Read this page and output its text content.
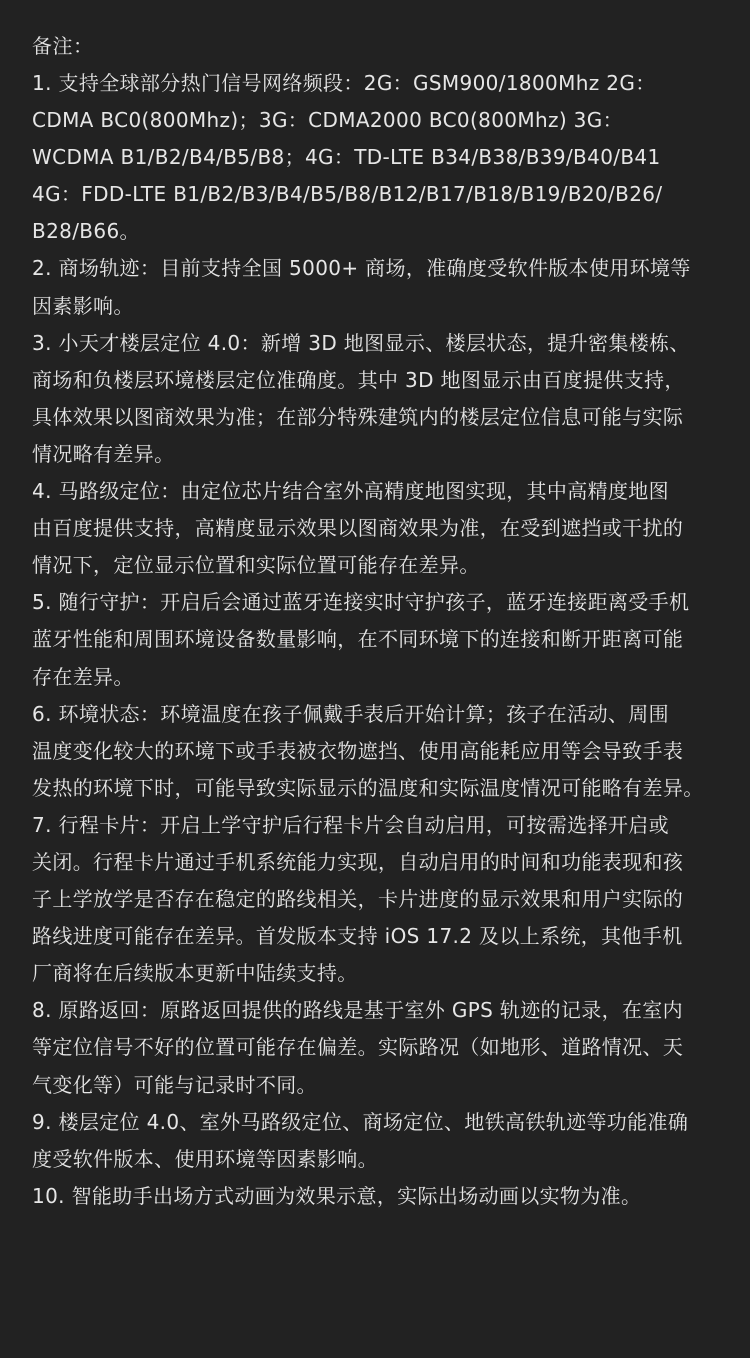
备注：

1. 支持全球部分热门信号网络频段：2G：GSM900/1800Mhz 2G：

CDMA BC0(800Mhz)；3G：CDMA2000 BC0(800Mhz) 3G：

WCDMA B1/B2/B4/B5/B8；4G：TD-LTE B34/B38/B39/B40/B41

4G：FDD-LTE B1/B2/B3/B4/B5/B8/B12/B17/B18/B19/B20/B26/

B28/B66。

2. 商场轨迹：目前支持全国 5000+ 商场，准确度受软件版本使用环境等

因素影响。

3. 小天才楼层定位 4.0：新增 3D 地图显示、楼层状态，提升密集楼栋、

商场和负楼层环境楼层定位准确度。其中 3D 地图显示由百度提供支持，

具体效果以图商效果为准；在部分特殊建筑内的楼层定位信息可能与实际

情况略有差异。

4. 马路级定位：由定位芯片结合室外高精度地图实现，其中高精度地图

由百度提供支持，高精度显示效果以图商效果为准，在受到遮挡或干扰的

情况下，定位显示位置和实际位置可能存在差异。

5. 随行守护：开启后会通过蓝牙连接实时守护孩子，蓝牙连接距离受手机

蓝牙性能和周围环境设备数量影响，在不同环境下的连接和断开距离可能

存在差异。

6. 环境状态：环境温度在孩子佩戴手表后开始计算；孩子在活动、周围

温度变化较大的环境下或手表被衣物遮挡、使用高能耗应用等会导致手表

发热的环境下时，可能导致实际显示的温度和实际温度情况可能略有差异。

7. 行程卡片：开启上学守护后行程卡片会自动启用，可按需选择开启或

关闭。行程卡片通过手机系统能力实现，自动启用的时间和功能表现和孩

子上学放学是否存在稳定的路线相关，卡片进度的显示效果和用户实际的

路线进度可能存在差异。首发版本支持 iOS 17.2 及以上系统，其他手机

厂商将在后续版本更新中陆续支持。

8. 原路返回：原路返回提供的路线是基于室外 GPS 轨迹的记录，在室内

等定位信号不好的位置可能存在偏差。实际路况（如地形、道路情况、天

气变化等）可能与记录时不同。

9. 楼层定位 4.0、室外马路级定位、商场定位、地铁高铁轨迹等功能准确

度受软件版本、使用环境等因素影响。

10. 智能助手出场方式动画为效果示意，实际出场动画以实物为准。
